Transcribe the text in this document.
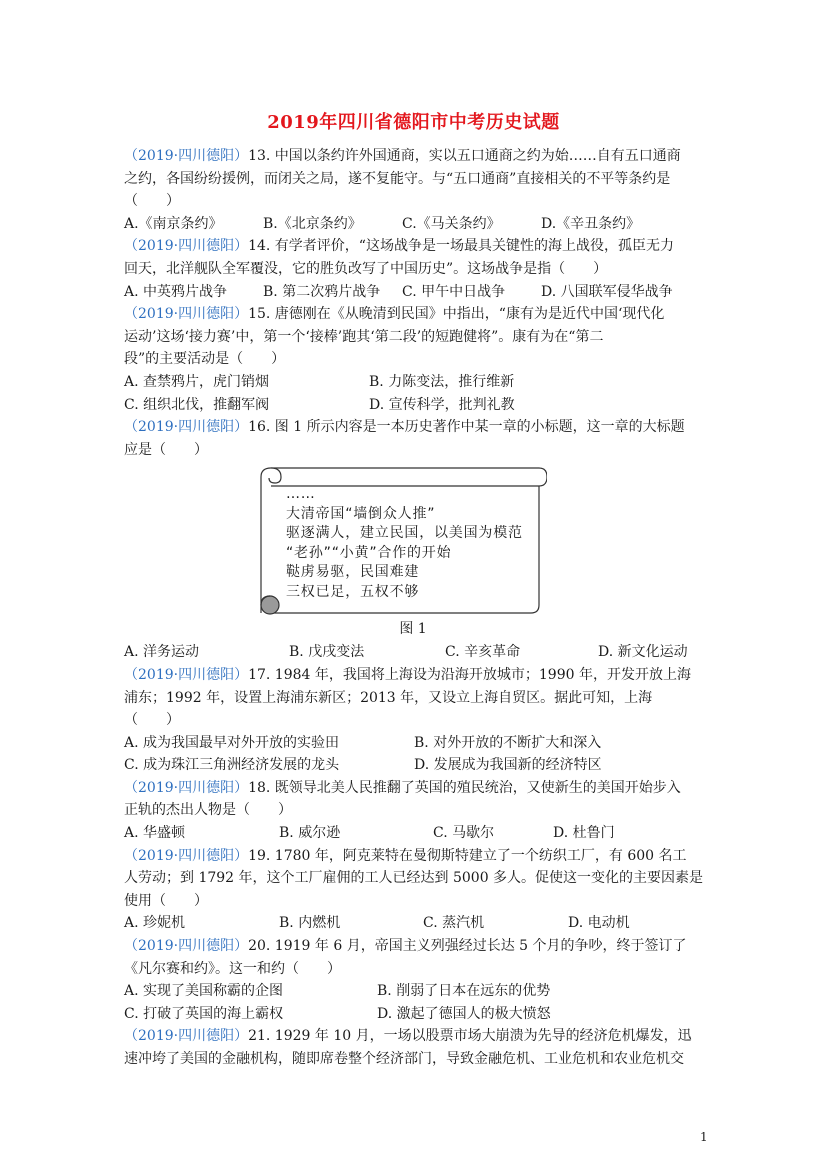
2019年四川省德阳市中考历史试题
（2019·四川德阳）13. 中国以条约许外国通商，实以五口通商之约为始……自有五口通商
之约，各国纷纷援例，而闭关之局，遂不复能守。与“五口通商”直接相关的不平等条约是
（　　）
A.《南京条约》	B.《北京条约》	C.《马关条约》	D.《辛丑条约》
（2019·四川德阳）14. 有学者评价，“这场战争是一场最具关键性的海上战役，孤臣无力
回天，北洋舰队全军覆没，它的胜负改写了中国历史”。这场战争是指（　　）
A. 中英鸦片战争	B. 第二次鸦片战争	C. 甲午中日战争	D. 八国联军侵华战争
（2019·四川德阳）15. 唐德刚在《从晚清到民国》中指出，“康有为是近代中国‘现代化
运动’这场‘接力赛’中，第一个‘接棒’跑其‘第二段’的短跑健将”。康有为在“第二
段”的主要活动是（　　）
A. 查禁鸦片，虎门销烟	B. 力陈变法，推行维新
C. 组织北伐，推翻军阀	D. 宣传科学，批判礼教
（2019·四川德阳）16. 图 1 所示内容是一本历史著作中某一章的小标题，这一章的大标题
应是（　　）
……
大清帝国“墙倒众人推”
驱逐满人，建立民国，以美国为模范
“老孙”“小黄”合作的开始
鞑虏易驱，民国难建
三权已足，五权不够
图 1
A. 洋务运动	B. 戊戌变法	C. 辛亥革命	D. 新文化运动
（2019·四川德阳）17. 1984 年，我国将上海设为沿海开放城市；1990 年，开发开放上海
浦东；1992 年，设置上海浦东新区；2013 年，又设立上海自贸区。据此可知，上海
（　　）
A. 成为我国最早对外开放的实验田	B. 对外开放的不断扩大和深入
C. 成为珠江三角洲经济发展的龙头	D. 发展成为我国新的经济特区
（2019·四川德阳）18. 既领导北美人民推翻了英国的殖民统治，又使新生的美国开始步入
正轨的杰出人物是（　　）
A. 华盛顿	B. 威尔逊	C. 马歇尔	D. 杜鲁门
（2019·四川德阳）19. 1780 年，阿克莱特在曼彻斯特建立了一个纺织工厂，有 600 名工
人劳动；到 1792 年，这个工厂雇佣的工人已经达到 5000 多人。促使这一变化的主要因素是
使用（　　）
A. 珍妮机	B. 内燃机	C. 蒸汽机	D. 电动机
（2019·四川德阳）20. 1919 年 6 月，帝国主义列强经过长达 5 个月的争吵，终于签订了
《凡尔赛和约》。这一和约（　　）
A. 实现了美国称霸的企图	B. 削弱了日本在远东的优势
C. 打破了英国的海上霸权	D. 激起了德国人的极大愤怒
（2019·四川德阳）21. 1929 年 10 月，一场以股票市场大崩溃为先导的经济危机爆发，迅
速冲垮了美国的金融机构，随即席卷整个经济部门，导致金融危机、工业危机和农业危机交
1
